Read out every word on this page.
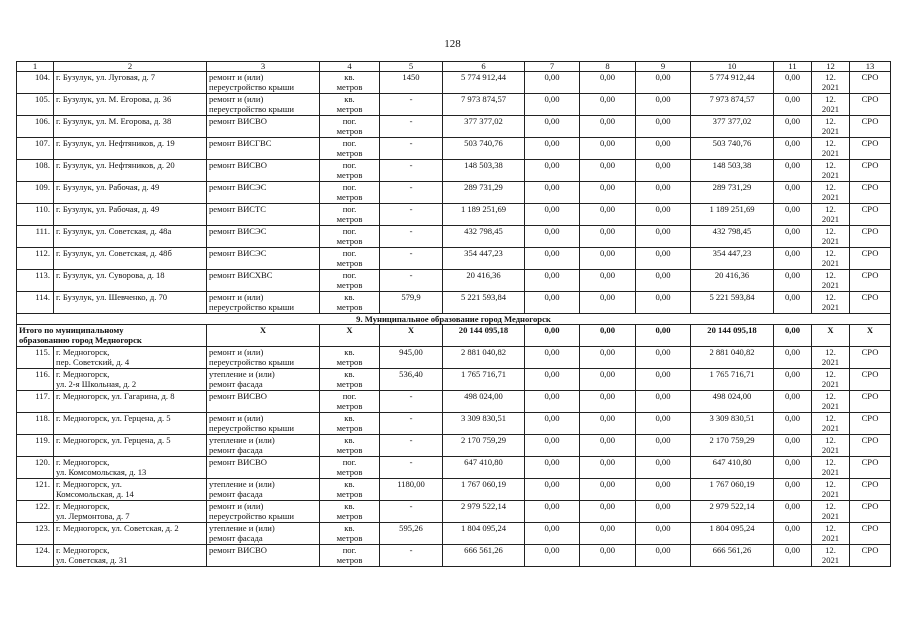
128
1	2	3	4	5	6	7	8	9	10	11	12	13
104.	г. Бузулук, ул. Луговая, д. 7	ремонт и (или)
переустройство крыши	кв.
метров	1450	5 774 912,44	0,00	0,00	0,00	5 774 912,44	0,00	12.
2021	СРО
105.	г. Бузулук, ул. М. Егорова, д. 36	ремонт и (или)
переустройство крыши	кв.
метров	-	7 973 874,57	0,00	0,00	0,00	7 973 874,57	0,00	12.
2021	СРО
106.	г. Бузулук, ул. М. Егорова, д. 38	ремонт ВИСВО	пог.
метров	-	377 377,02	0,00	0,00	0,00	377 377,02	0,00	12.
2021	СРО
107.	г. Бузулук, ул. Нефтяников, д. 19	ремонт ВИСГВС	пог.
метров	-	503 740,76	0,00	0,00	0,00	503 740,76	0,00	12.
2021	СРО
108.	г. Бузулук, ул. Нефтяников, д. 20	ремонт ВИСВО	пог.
метров	-	148 503,38	0,00	0,00	0,00	148 503,38	0,00	12.
2021	СРО
109.	г. Бузулук, ул. Рабочая, д. 49	ремонт ВИСЭС	пог.
метров	-	289 731,29	0,00	0,00	0,00	289 731,29	0,00	12.
2021	СРО
110.	г. Бузулук, ул. Рабочая, д. 49	ремонт ВИСТС	пог.
метров	-	1 189 251,69	0,00	0,00	0,00	1 189 251,69	0,00	12.
2021	СРО
111.	г. Бузулук, ул. Советская, д. 48а	ремонт ВИСЭС	пог.
метров	-	432 798,45	0,00	0,00	0,00	432 798,45	0,00	12.
2021	СРО
112.	г. Бузулук, ул. Советская, д. 48б	ремонт ВИСЭС	пог.
метров	-	354 447,23	0,00	0,00	0,00	354 447,23	0,00	12.
2021	СРО
113.	г. Бузулук, ул. Суворова, д. 18	ремонт ВИСХВС	пог.
метров	-	20 416,36	0,00	0,00	0,00	20 416,36	0,00	12.
2021	СРО
114.	г. Бузулук, ул. Шевченко, д. 70	ремонт и (или)
переустройство крыши	кв.
метров	579,9	5 221 593,84	0,00	0,00	0,00	5 221 593,84	0,00	12.
2021	СРО
9. Муниципальное образование город Медногорск												

Итого по муниципальному
образованию город Медногорск		X	X	X	20 144 095,18	0,00	0,00	0,00	20 144 095,18	0,00	X	X
115.	г. Медногорск,
пер. Советский, д. 4	ремонт и (или)
переустройство крыши	кв.
метров	945,00	2 881 040,82	0,00	0,00	0,00	2 881 040,82	0,00	12.
2021	СРО
116.	г. Медногорск,
ул. 2-я Школьная, д. 2	утепление и (или)
ремонт фасада	кв.
метров	536,40	1 765 716,71	0,00	0,00	0,00	1 765 716,71	0,00	12.
2021	СРО
117.	г. Медногорск, ул. Гагарина, д. 8	ремонт ВИСВО	пог.
метров	-	498 024,00	0,00	0,00	0,00	498 024,00	0,00	12.
2021	СРО
118.	г. Медногорск, ул. Герцена, д. 5	ремонт и (или)
переустройство крыши	кв.
метров	-	3 309 830,51	0,00	0,00	0,00	3 309 830,51	0,00	12.
2021	СРО
119.	г. Медногорск, ул. Герцена, д. 5	утепление и (или)
ремонт фасада	кв.
метров	-	2 170 759,29	0,00	0,00	0,00	2 170 759,29	0,00	12.
2021	СРО
120.	г. Медногорск,
ул. Комсомольская, д. 13	ремонт ВИСВО	пог.
метров	-	647 410,80	0,00	0,00	0,00	647 410,80	0,00	12.
2021	СРО
121.	г. Медногорск, ул.
Комсомольская, д. 14	утепление и (или)
ремонт фасада	кв.
метров	1180,00	1 767 060,19	0,00	0,00	0,00	1 767 060,19	0,00	12.
2021	СРО
122.	г. Медногорск,
ул. Лермонтова, д. 7	ремонт и (или)
переустройство крыши	кв.
метров	-	2 979 522,14	0,00	0,00	0,00	2 979 522,14	0,00	12.
2021	СРО
123.	г. Медногорск, ул. Советская, д. 2	утепление и (или)
ремонт фасада	кв.
метров	595,26	1 804 095,24	0,00	0,00	0,00	1 804 095,24	0,00	12.
2021	СРО
124.	г. Медногорск,
ул. Советская, д. 31	ремонт ВИСВО	пог.
метров	-	666 561,26	0,00	0,00	0,00	666 561,26	0,00	12.
2021	СРО
